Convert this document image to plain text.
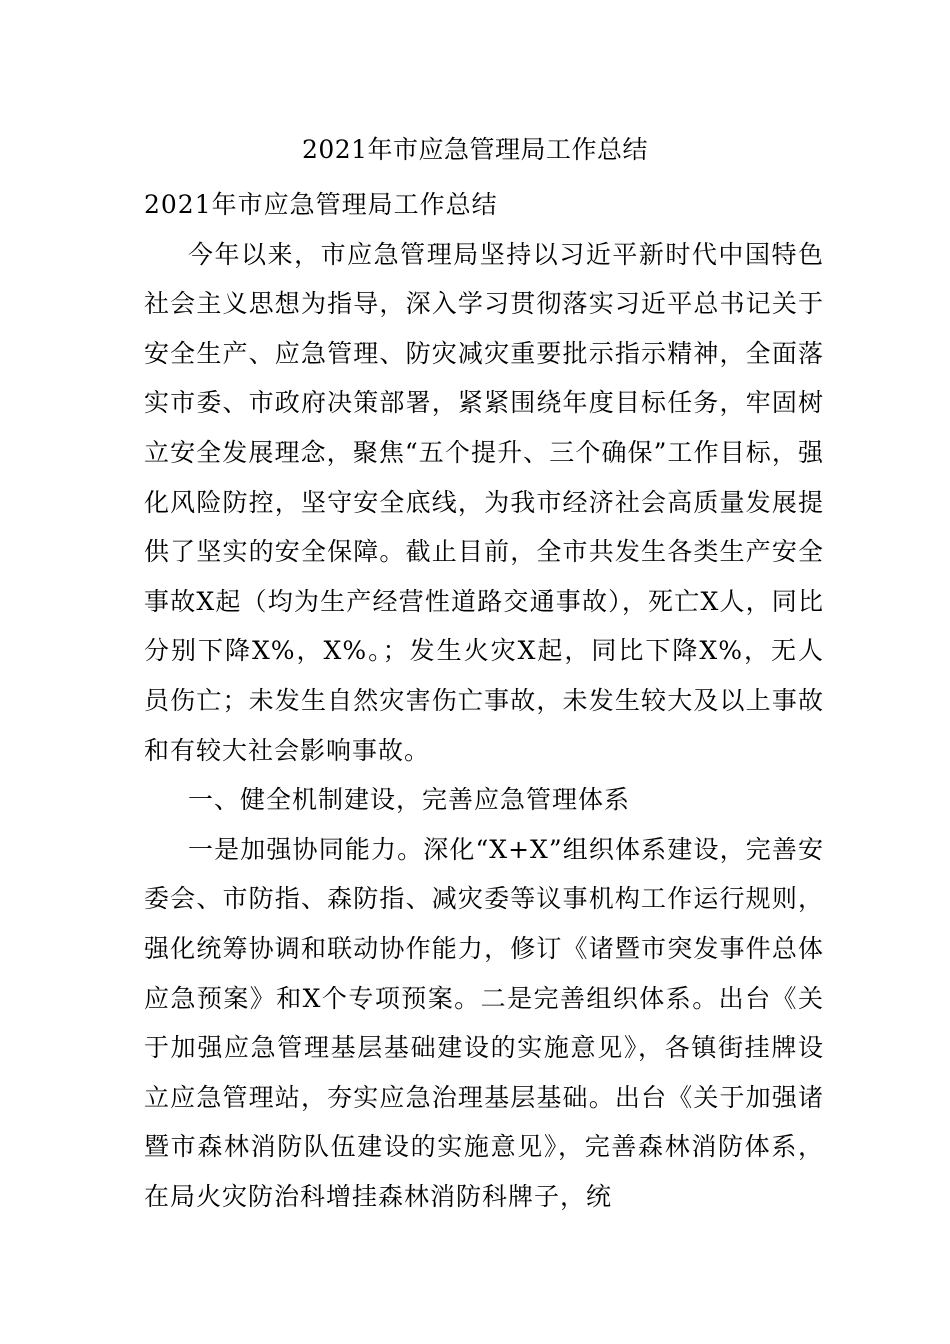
2021年市应急管理局工作总结

2021年市应急管理局工作总结

今年以来，市应急管理局坚持以习近平新时代中国特色社会主义思想为指导，深入学习贯彻落实习近平总书记关于安全生产、应急管理、防灾减灾重要批示指示精神，全面落实市委、市政府决策部署，紧紧围绕年度目标任务，牢固树立安全发展理念，聚焦“五个提升、三个确保”工作目标，强化风险防控，坚守安全底线，为我市经济社会高质量发展提供了坚实的安全保障。截止目前，全市共发生各类生产安全事故X起（均为生产经营性道路交通事故），死亡X人，同比分别下降X%，X%。；发生火灾X起，同比下降X%，无人员伤亡；未发生自然灾害伤亡事故，未发生较大及以上事故和有较大社会影响事故。

一、健全机制建设，完善应急管理体系

一是加强协同能力。深化“X+X”组织体系建设，完善安委会、市防指、森防指、减灾委等议事机构工作运行规则，强化统筹协调和联动协作能力，修订《诸暨市突发事件总体应急预案》和X个专项预案。二是完善组织体系。出台《关于加强应急管理基层基础建设的实施意见》，各镇街挂牌设立应急管理站，夯实应急治理基层基础。出台《关于加强诸暨市森林消防队伍建设的实施意见》，完善森林消防体系，在局火灾防治科增挂森林消防科牌子，统
